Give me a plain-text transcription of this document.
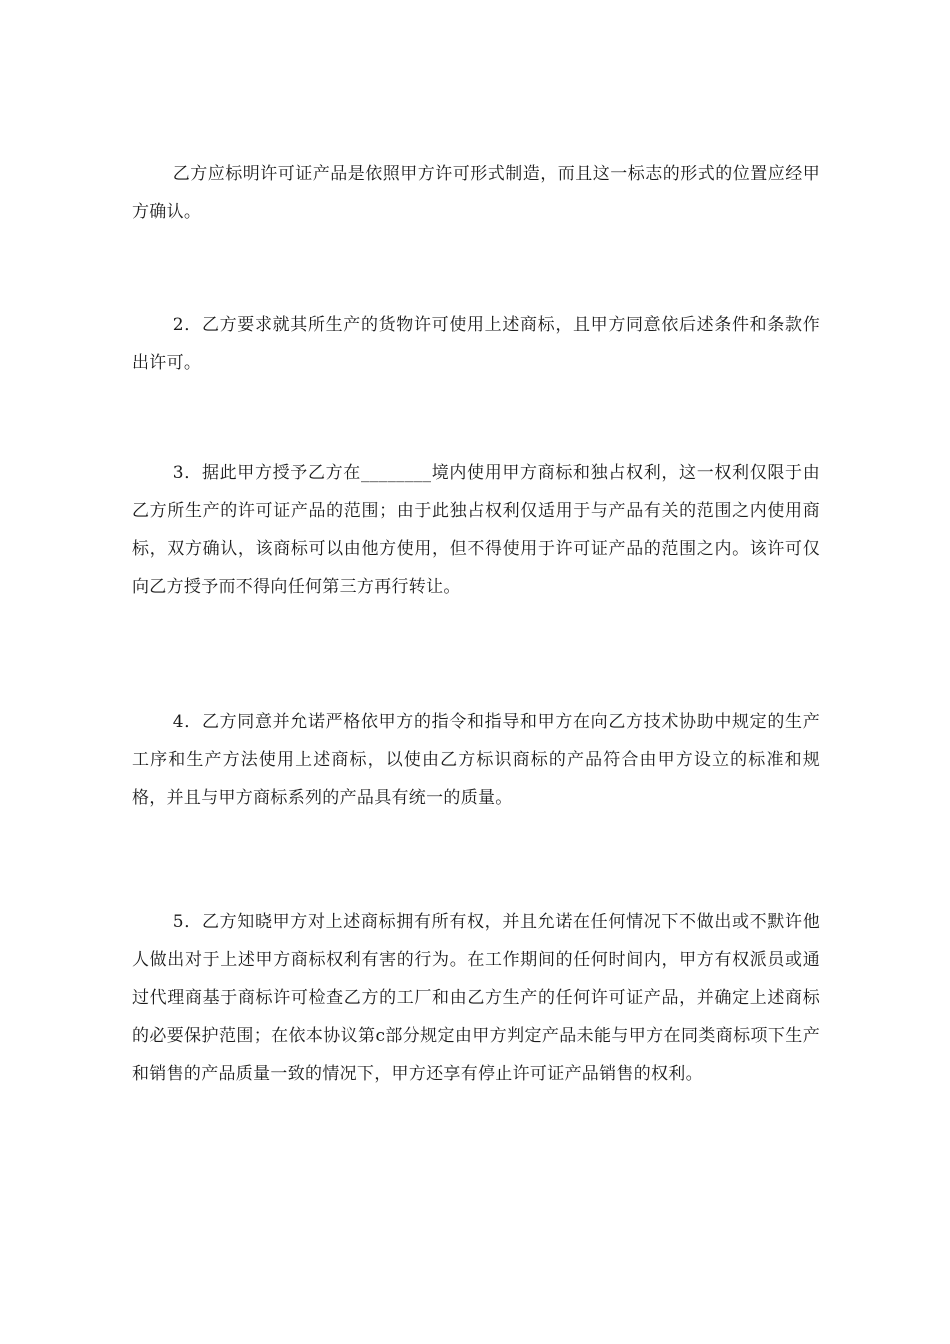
乙方应标明许可证产品是依照甲方许可形式制造，而且这一标志的形式的位置应经甲方确认。

2．乙方要求就其所生产的货物许可使用上述商标，且甲方同意依后述条件和条款作出许可。

3．据此甲方授予乙方在________境内使用甲方商标和独占权利，这一权利仅限于由乙方所生产的许可证产品的范围；由于此独占权利仅适用于与产品有关的范围之内使用商标，双方确认，该商标可以由他方使用，但不得使用于许可证产品的范围之内。该许可仅向乙方授予而不得向任何第三方再行转让。

4．乙方同意并允诺严格依甲方的指令和指导和甲方在向乙方技术协助中规定的生产工序和生产方法使用上述商标，以使由乙方标识商标的产品符合由甲方设立的标准和规格，并且与甲方商标系列的产品具有统一的质量。

5．乙方知晓甲方对上述商标拥有所有权，并且允诺在任何情况下不做出或不默许他人做出对于上述甲方商标权利有害的行为。在工作期间的任何时间内，甲方有权派员或通过代理商基于商标许可检查乙方的工厂和由乙方生产的任何许可证产品，并确定上述商标的必要保护范围；在依本协议第c部分规定由甲方判定产品未能与甲方在同类商标项下生产和销售的产品质量一致的情况下，甲方还享有停止许可证产品销售的权利。
